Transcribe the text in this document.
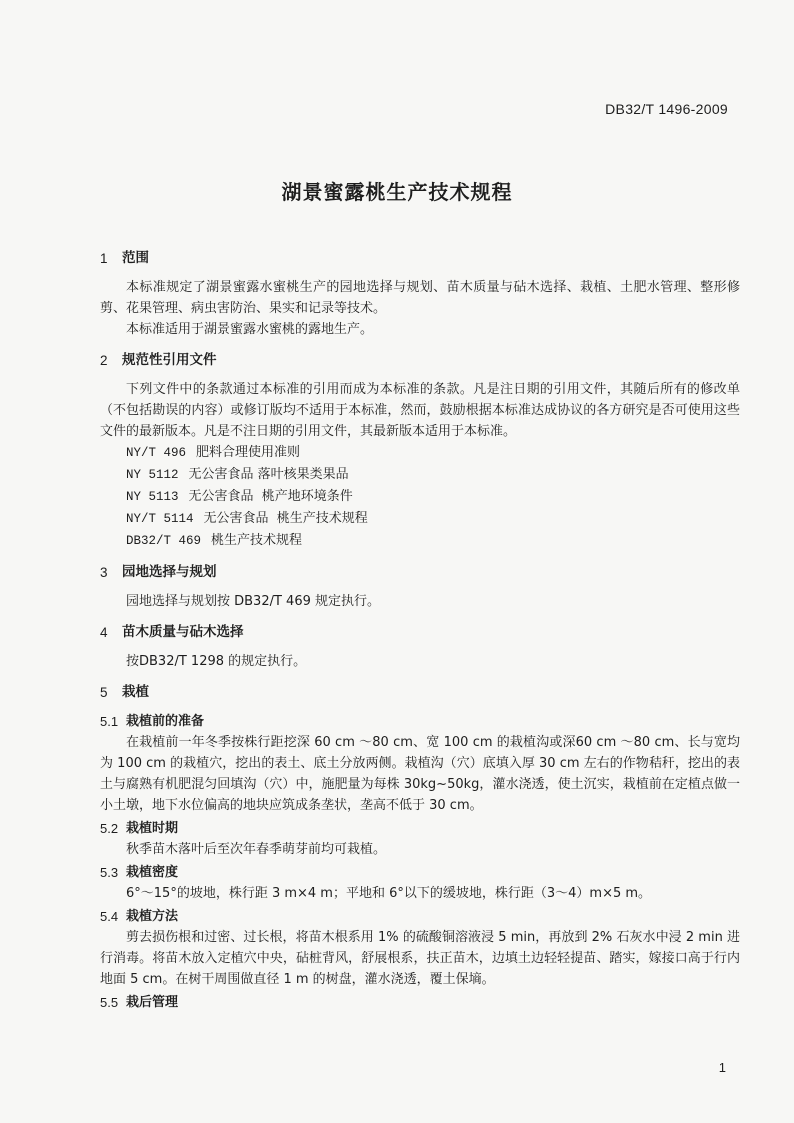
DB32/T 1496-2009
湖景蜜露桃生产技术规程
1	范围

本标准规定了湖景蜜露水蜜桃生产的园地选择与规划、苗木质量与砧木选择、栽植、土肥水管理、整形修剪、花果管理、病虫害防治、果实和记录等技术。

本标准适用于湖景蜜露水蜜桃的露地生产。

2	规范性引用文件

下列文件中的条款通过本标准的引用而成为本标准的条款。凡是注日期的引用文件，其随后所有的修改单（不包括勘误的内容）或修订版均不适用于本标准，然而，鼓励根据本标准达成协议的各方研究是否可使用这些文件的最新版本。凡是不注日期的引用文件，其最新版本适用于本标准。

NY/T 496 肥料合理使用准则
NY 5112 无公害食品 落叶核果类果品
NY 5113 无公害食品  桃产地环境条件
NY/T 5114 无公害食品  桃生产技术规程
DB32/T 469 桃生产技术规程
3	园地选择与规划

园地选择与规划按 DB32/T 469 规定执行。

4	苗木质量与砧木选择

按DB32/T 1298 的规定执行。

5	栽植
5.1 栽植前的准备

在栽植前一年冬季按株行距挖深 60 cm ～80 cm、宽 100 cm 的栽植沟或深60 cm ～80 cm、长与宽均为 100 cm 的栽植穴，挖出的表土、底土分放两侧。栽植沟（穴）底填入厚 30 cm 左右的作物秸秆，挖出的表土与腐熟有机肥混匀回填沟（穴）中，施肥量为每株 30kg~50kg，灌水浇透，使土沉实，栽植前在定植点做一小土墩，地下水位偏高的地块应筑成条垄状，垄高不低于 30 cm。

5.2 栽植时期

秋季苗木落叶后至次年春季萌芽前均可栽植。

5.3 栽植密度

6°～15°的坡地，株行距 3 m×4 m；平地和 6°以下的缓坡地，株行距（3～4）m×5 m。

5.4 栽植方法

剪去损伤根和过密、过长根，将苗木根系用 1% 的硫酸铜溶液浸 5 min，再放到 2% 石灰水中浸 2 min 进行消毒。将苗木放入定植穴中央，砧桩背风，舒展根系，扶正苗木，边填土边轻轻提苗、踏实，嫁接口高于行内地面 5 cm。在树干周围做直径 1 m 的树盘，灌水浇透，覆土保墒。

5.5 栽后管理
1
